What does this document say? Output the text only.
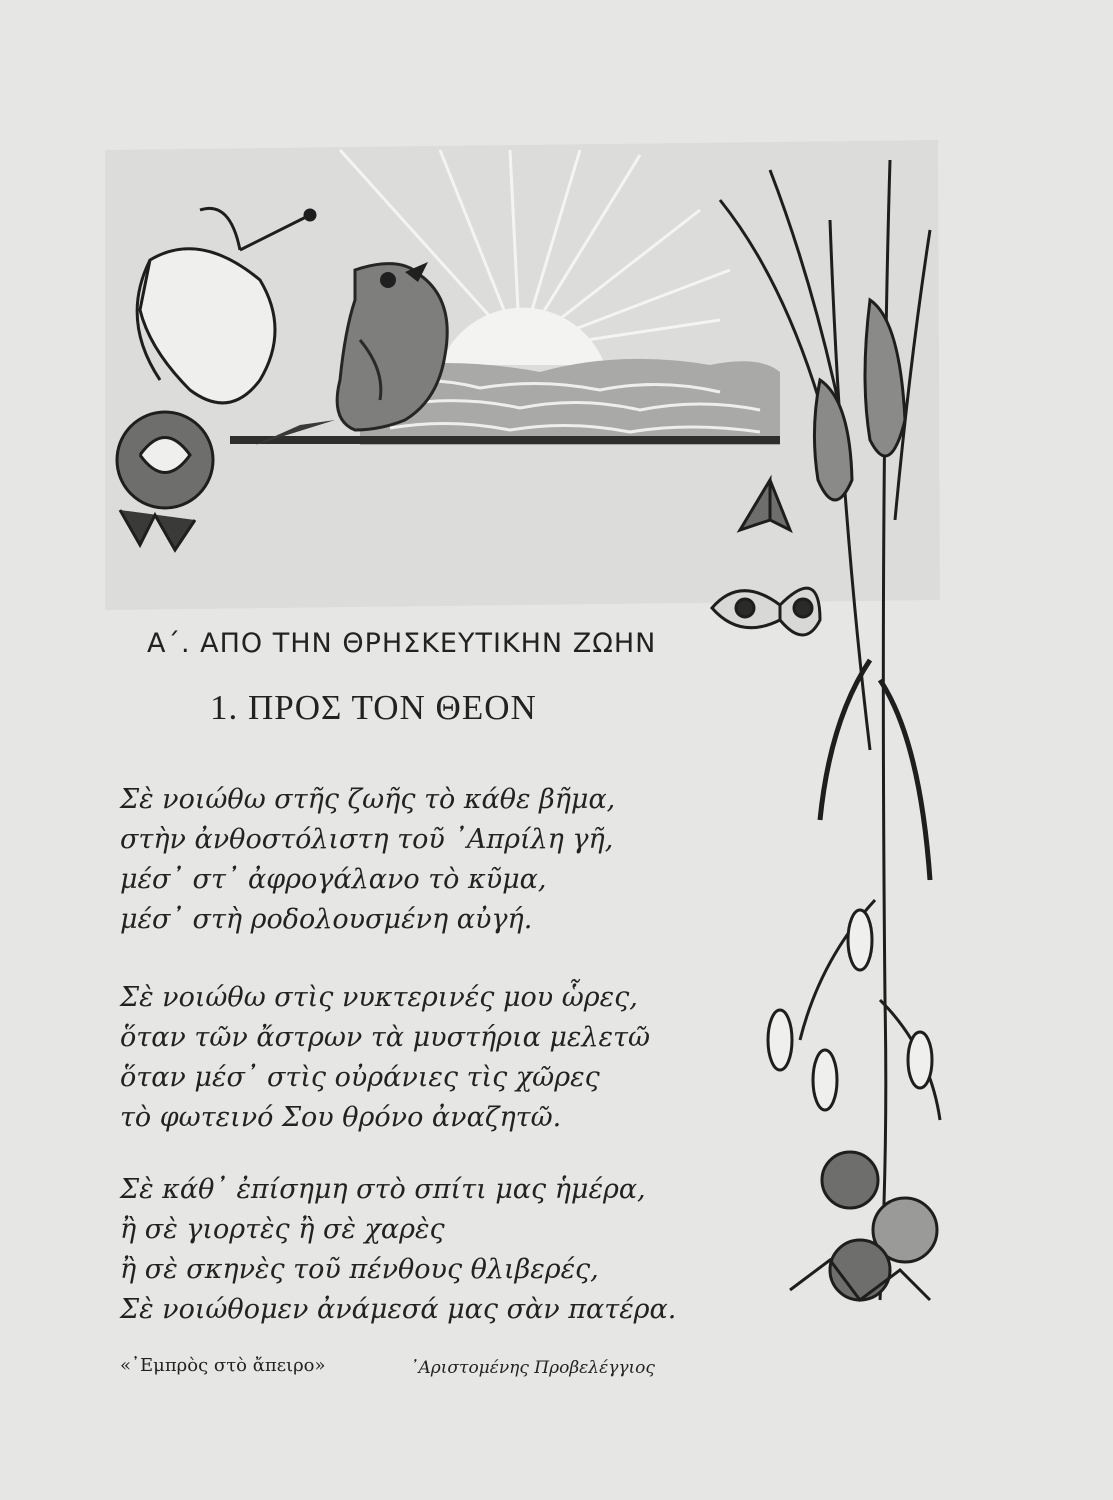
Α΄. ΑΠΟ ΤΗΝ ΘΡΗΣΚΕΥΤΙΚΗΝ ΖΩΗΝ
1. ΠΡΟΣ ΤΟΝ ΘΕΟΝ
Σὲ νοιώθω στῆς ζωῆς τὸ κάθε βῆμα,
στὴν ἀνθοστόλιστη τοῦ ᾿Απρίλη γῆ,
μέσ᾿ στ᾿ ἀφρογάλανο τὸ κῦμα,
μέσ᾿ στὴ ροδολουσμένη αὐγή.
Σὲ νοιώθω στὶς νυκτερινές μου ὧρες,
ὅταν τῶν ἄστρων τὰ μυστήρια μελετῶ
ὅταν μέσ᾿ στὶς οὐράνιες τὶς χῶρες
τὸ φωτεινό Σου θρόνο ἀναζητῶ.
Σὲ κάθ᾿ ἐπίσημη στὸ σπίτι μας ἡμέρα,
ἢ σὲ γιορτὲς ἢ σὲ χαρὲς
ἢ σὲ σκηνὲς τοῦ πένθους θλιβερές,
Σὲ νοιώθομεν ἀνάμεσά μας σὰν πατέρα.
«᾿Εμπρὸς στὸ ἄπειρο»	᾿Αριστομένης Προβελέγγιος
